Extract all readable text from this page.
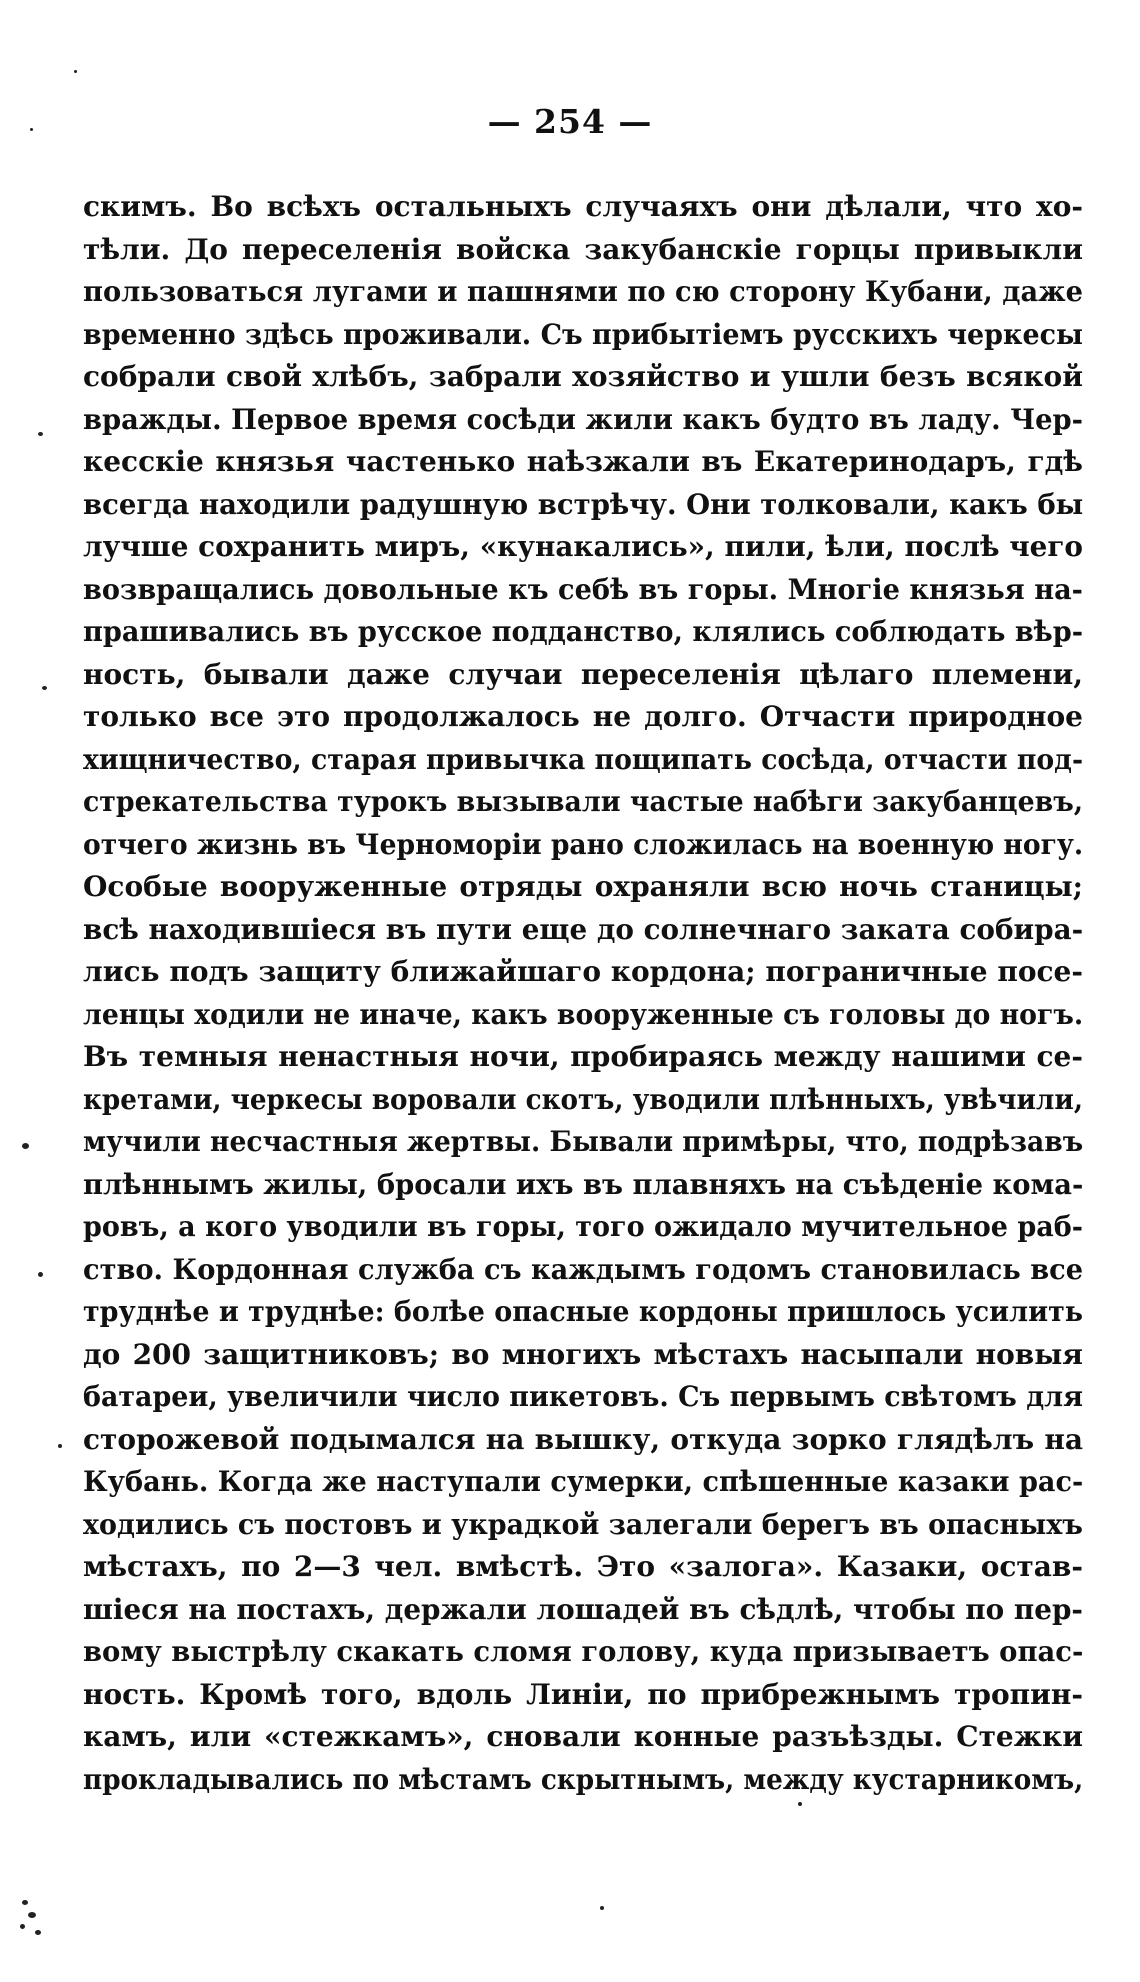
— 254 —
скимъ. Во всѣхъ остальныхъ случаяхъ они дѣлали, что хо-
тѣли. До переселенія войска закубанскіе горцы привыкли
пользоваться лугами и пашнями по сю сторону Кубани, даже
временно здѣсь проживали. Съ прибытіемъ русскихъ черкесы
собрали свой хлѣбъ, забрали хозяйство и ушли безъ всякой
вражды. Первое время сосѣди жили какъ будто въ ладу. Чер-
кесскіе князья частенько наѣзжали въ Екатеринодаръ, гдѣ
всегда находили радушную встрѣчу. Они толковали, какъ бы
лучше сохранить миръ, «кунакались», пили, ѣли, послѣ чего
возвращались довольные къ себѣ въ горы. Многіе князья на-
прашивались въ русское подданство, клялись соблюдать вѣр-
ность, бывали даже случаи переселенія цѣлаго племени,
только все это продолжалось не долго. Отчасти природное
хищничество, старая привычка пощипать сосѣда, отчасти под-
стрекательства турокъ вызывали частые набѣги закубанцевъ,
отчего жизнь въ Черноморіи рано сложилась на военную ногу.
Особые вооруженные отряды охраняли всю ночь станицы;
всѣ находившіеся въ пути еще до солнечнаго заката собира-
лись подъ защиту ближайшаго кордона; пограничные посе-
ленцы ходили не иначе, какъ вооруженные съ головы до ногъ.
Въ темныя ненастныя ночи, пробираясь между нашими се-
кретами, черкесы воровали скотъ, уводили плѣнныхъ, увѣчили,
мучили несчастныя жертвы. Бывали примѣры, что, подрѣзавъ
плѣннымъ жилы, бросали ихъ въ плавняхъ на съѣденіе кома-
ровъ, а кого уводили въ горы, того ожидало мучительное раб-
ство. Кордонная служба съ каждымъ годомъ становилась все
труднѣе и труднѣе: болѣе опасные кордоны пришлось усилить
до 200 защитниковъ; во многихъ мѣстахъ насыпали новыя
батареи, увеличили число пикетовъ. Съ первымъ свѣтомъ для
сторожевой подымался на вышку, откуда зорко глядѣлъ на
Кубань. Когда же наступали сумерки, спѣшенные казаки рас-
ходились съ постовъ и украдкой залегали берегъ въ опасныхъ
мѣстахъ, по 2—3 чел. вмѣстѣ. Это «залога». Казаки, остав-
шіеся на постахъ, держали лошадей въ сѣдлѣ, чтобы по пер-
вому выстрѣлу скакать сломя голову, куда призываетъ опас-
ность. Кромѣ того, вдоль Линіи, по прибрежнымъ тропин-
камъ, или «стежкамъ», сновали конные разъѣзды. Стежки
прокладывались по мѣстамъ скрытнымъ, между кустарникомъ,
